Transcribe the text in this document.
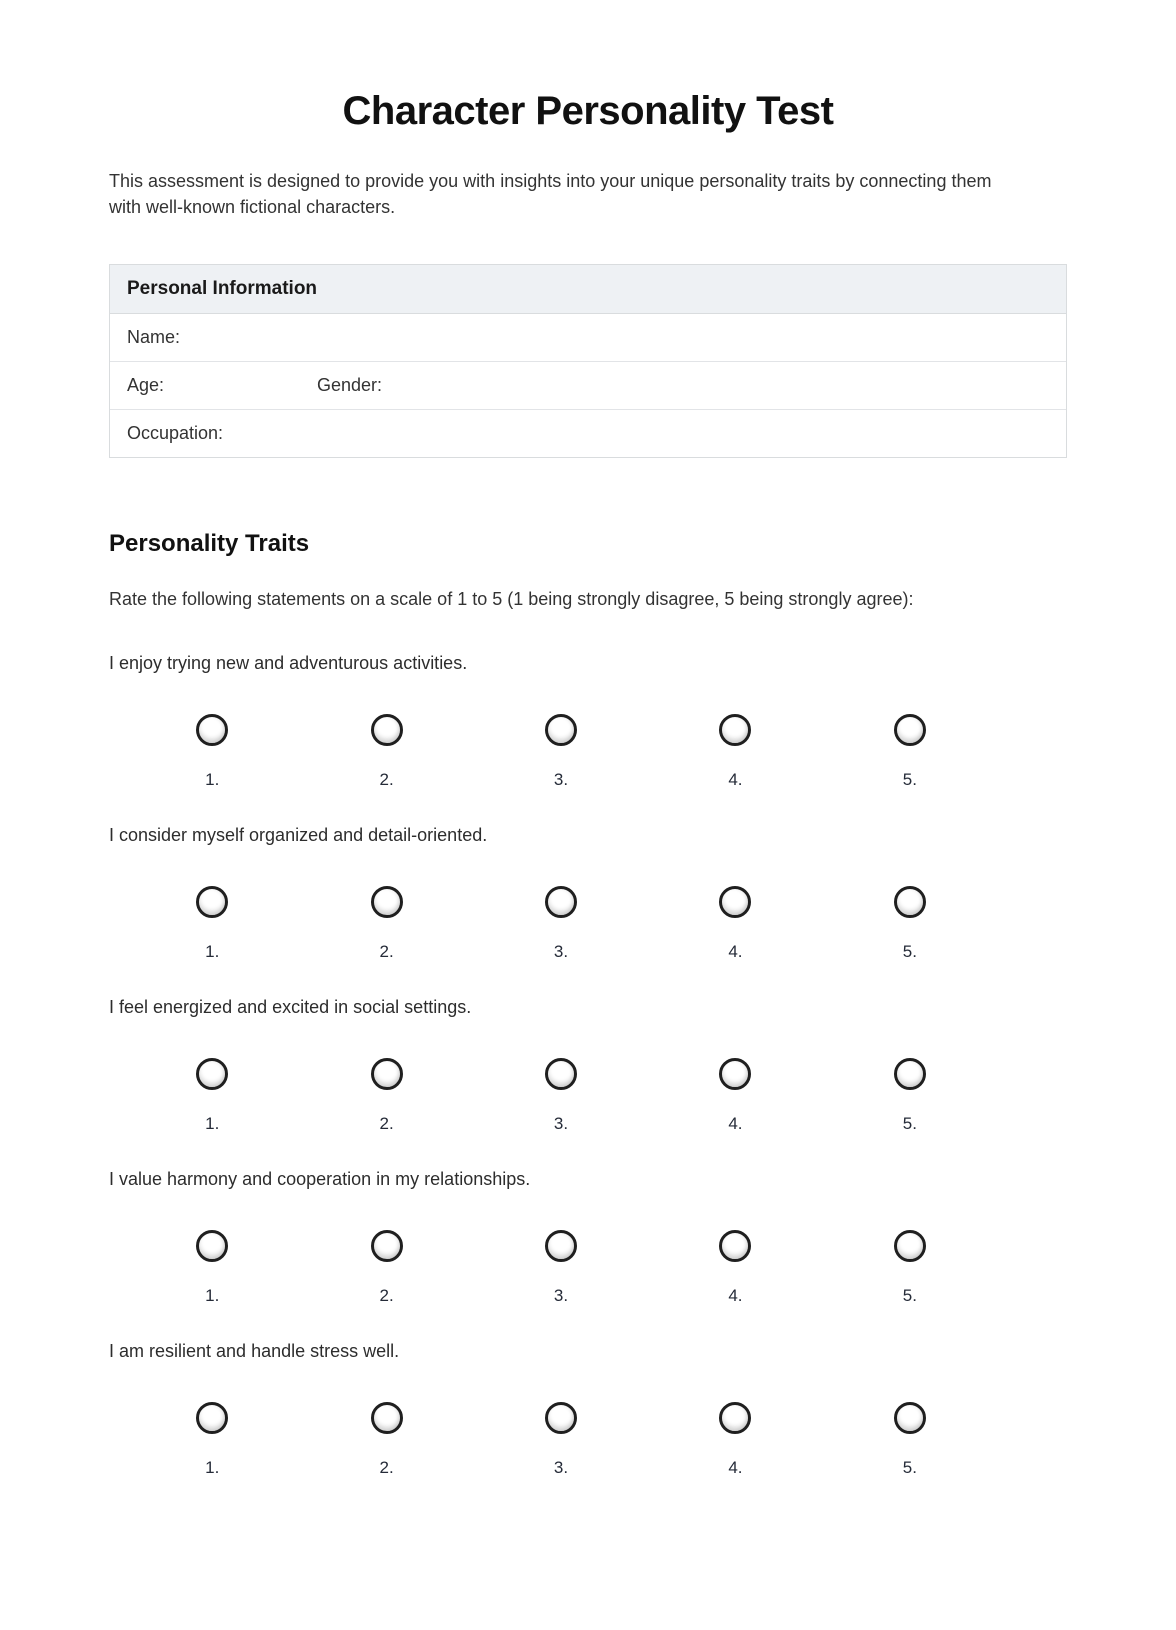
Character Personality Test

This assessment is designed to provide you with insights into your unique personality traits by connecting them with well-known fictional characters.

Personal Information
Name:
Age:	Gender:
Occupation:
Personality Traits

Rate the following statements on a scale of 1 to 5 (1 being strongly disagree, 5 being strongly agree):

I enjoy trying new and adventurous activities.

1.	2.	3.	4.	5.

I consider myself organized and detail-oriented.

1.	2.	3.	4.	5.

I feel energized and excited in social settings.

1.	2.	3.	4.	5.

I value harmony and cooperation in my relationships.

1.	2.	3.	4.	5.

I am resilient and handle stress well.

1.	2.	3.	4.	5.
